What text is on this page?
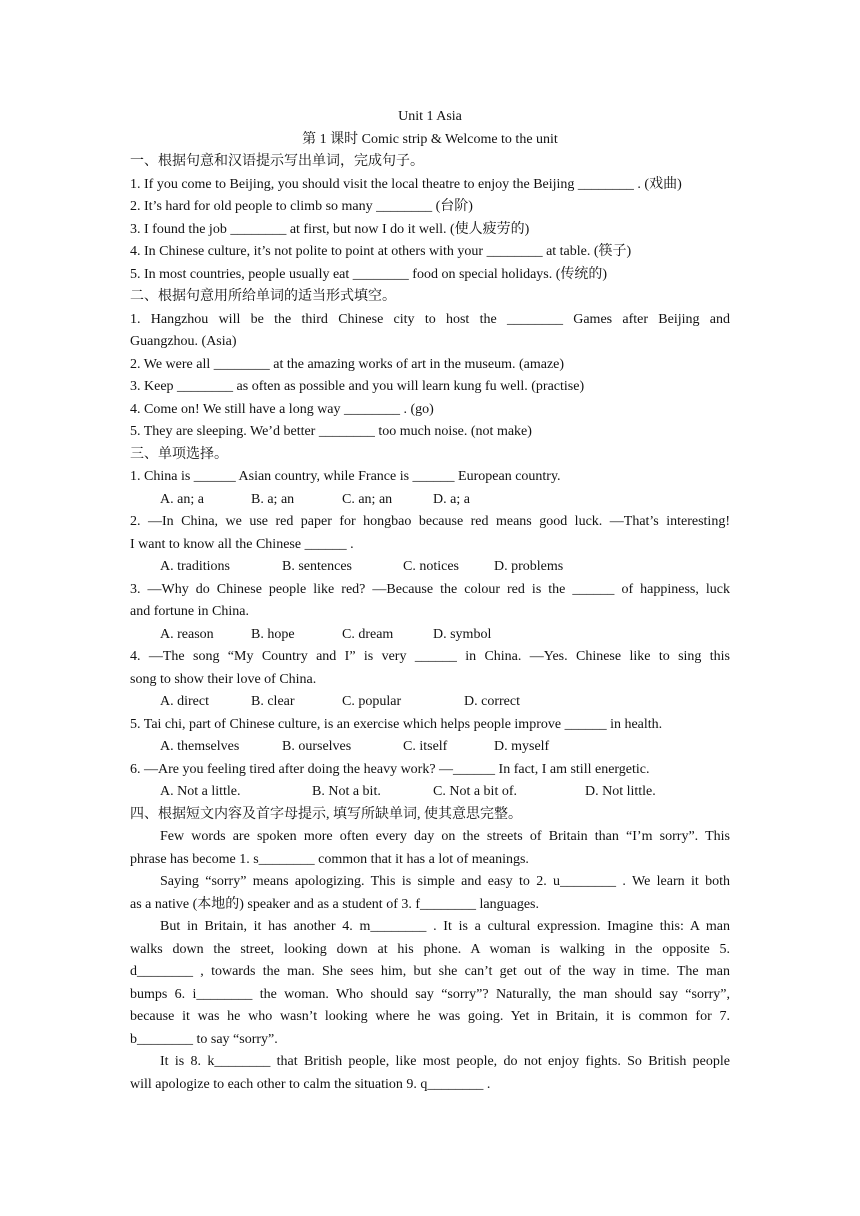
Unit 1 Asia
第 1 课时 Comic strip & Welcome to the unit
一、根据句意和汉语提示写出单词，完成句子。
1. If you come to Beijing, you should visit the local theatre to enjoy the Beijing ________ . (戏曲)
2. It’s hard for old people to climb so many ________ (台阶)
3. I found the job ________ at first, but now I do it well. (使人疲劳的)
4. In Chinese culture, it’s not polite to point at others with your ________ at table. (筷子)
5. In most countries, people usually eat ________ food on special holidays. (传统的)
二、根据句意用所给单词的适当形式填空。
1. Hangzhou will be the third Chinese city to host the ________ Games after Beijing and
Guangzhou. (Asia)
2. We were all ________ at the amazing works of art in the museum. (amaze)
3. Keep ________ as often as possible and you will learn kung fu well. (practise)
4. Come on! We still have a long way ________ . (go)
5. They are sleeping. We’d better ________ too much noise. (not make)
三、单项选择。
1. China is ______ Asian country, while France is ______ European country.
A. an; a	B. a; an	C. an; an	D. a; a
2. —In China, we use red paper for hongbao because red means good luck. —That’s interesting!
I want to know all the Chinese ______ .
A. traditions	B. sentences	C. notices	D. problems
3. —Why do Chinese people like red? —Because the colour red is the ______ of happiness, luck
and fortune in China.
A. reason	B. hope	C. dream	D. symbol
4. —The song “My Country and I” is very ______ in China. —Yes. Chinese like to sing this
song to show their love of China.
A. direct	B. clear	C. popular	D. correct
5. Tai chi, part of Chinese culture, is an exercise which helps people improve ______ in health.
A. themselves	B. ourselves	C. itself	D. myself
6. —Are you feeling tired after doing the heavy work? —______ In fact, I am still energetic.
A. Not a little.	B. Not a bit.	C. Not a bit of.	D. Not little.
四、根据短文内容及首字母提示, 填写所缺单词, 使其意思完整。
Few words are spoken more often every day on the streets of Britain than “I’m sorry”. This
phrase has become 1. s________ common that it has a lot of meanings.
Saying “sorry” means apologizing. This is simple and easy to 2. u________ . We learn it both
as a native (本地的) speaker and as a student of 3. f________ languages.
But in Britain, it has another 4. m________ . It is a cultural expression. Imagine this: A man
walks down the street, looking down at his phone. A woman is walking in the opposite 5.
d________ , towards the man. She sees him, but she can’t get out of the way in time. The man
bumps 6. i________ the woman. Who should say “sorry”? Naturally, the man should say “sorry”,
because it was he who wasn’t looking where he was going. Yet in Britain, it is common for 7.
b________ to say “sorry”.
It is 8. k________ that British people, like most people, do not enjoy fights. So British people
will apologize to each other to calm the situation 9. q________ .
